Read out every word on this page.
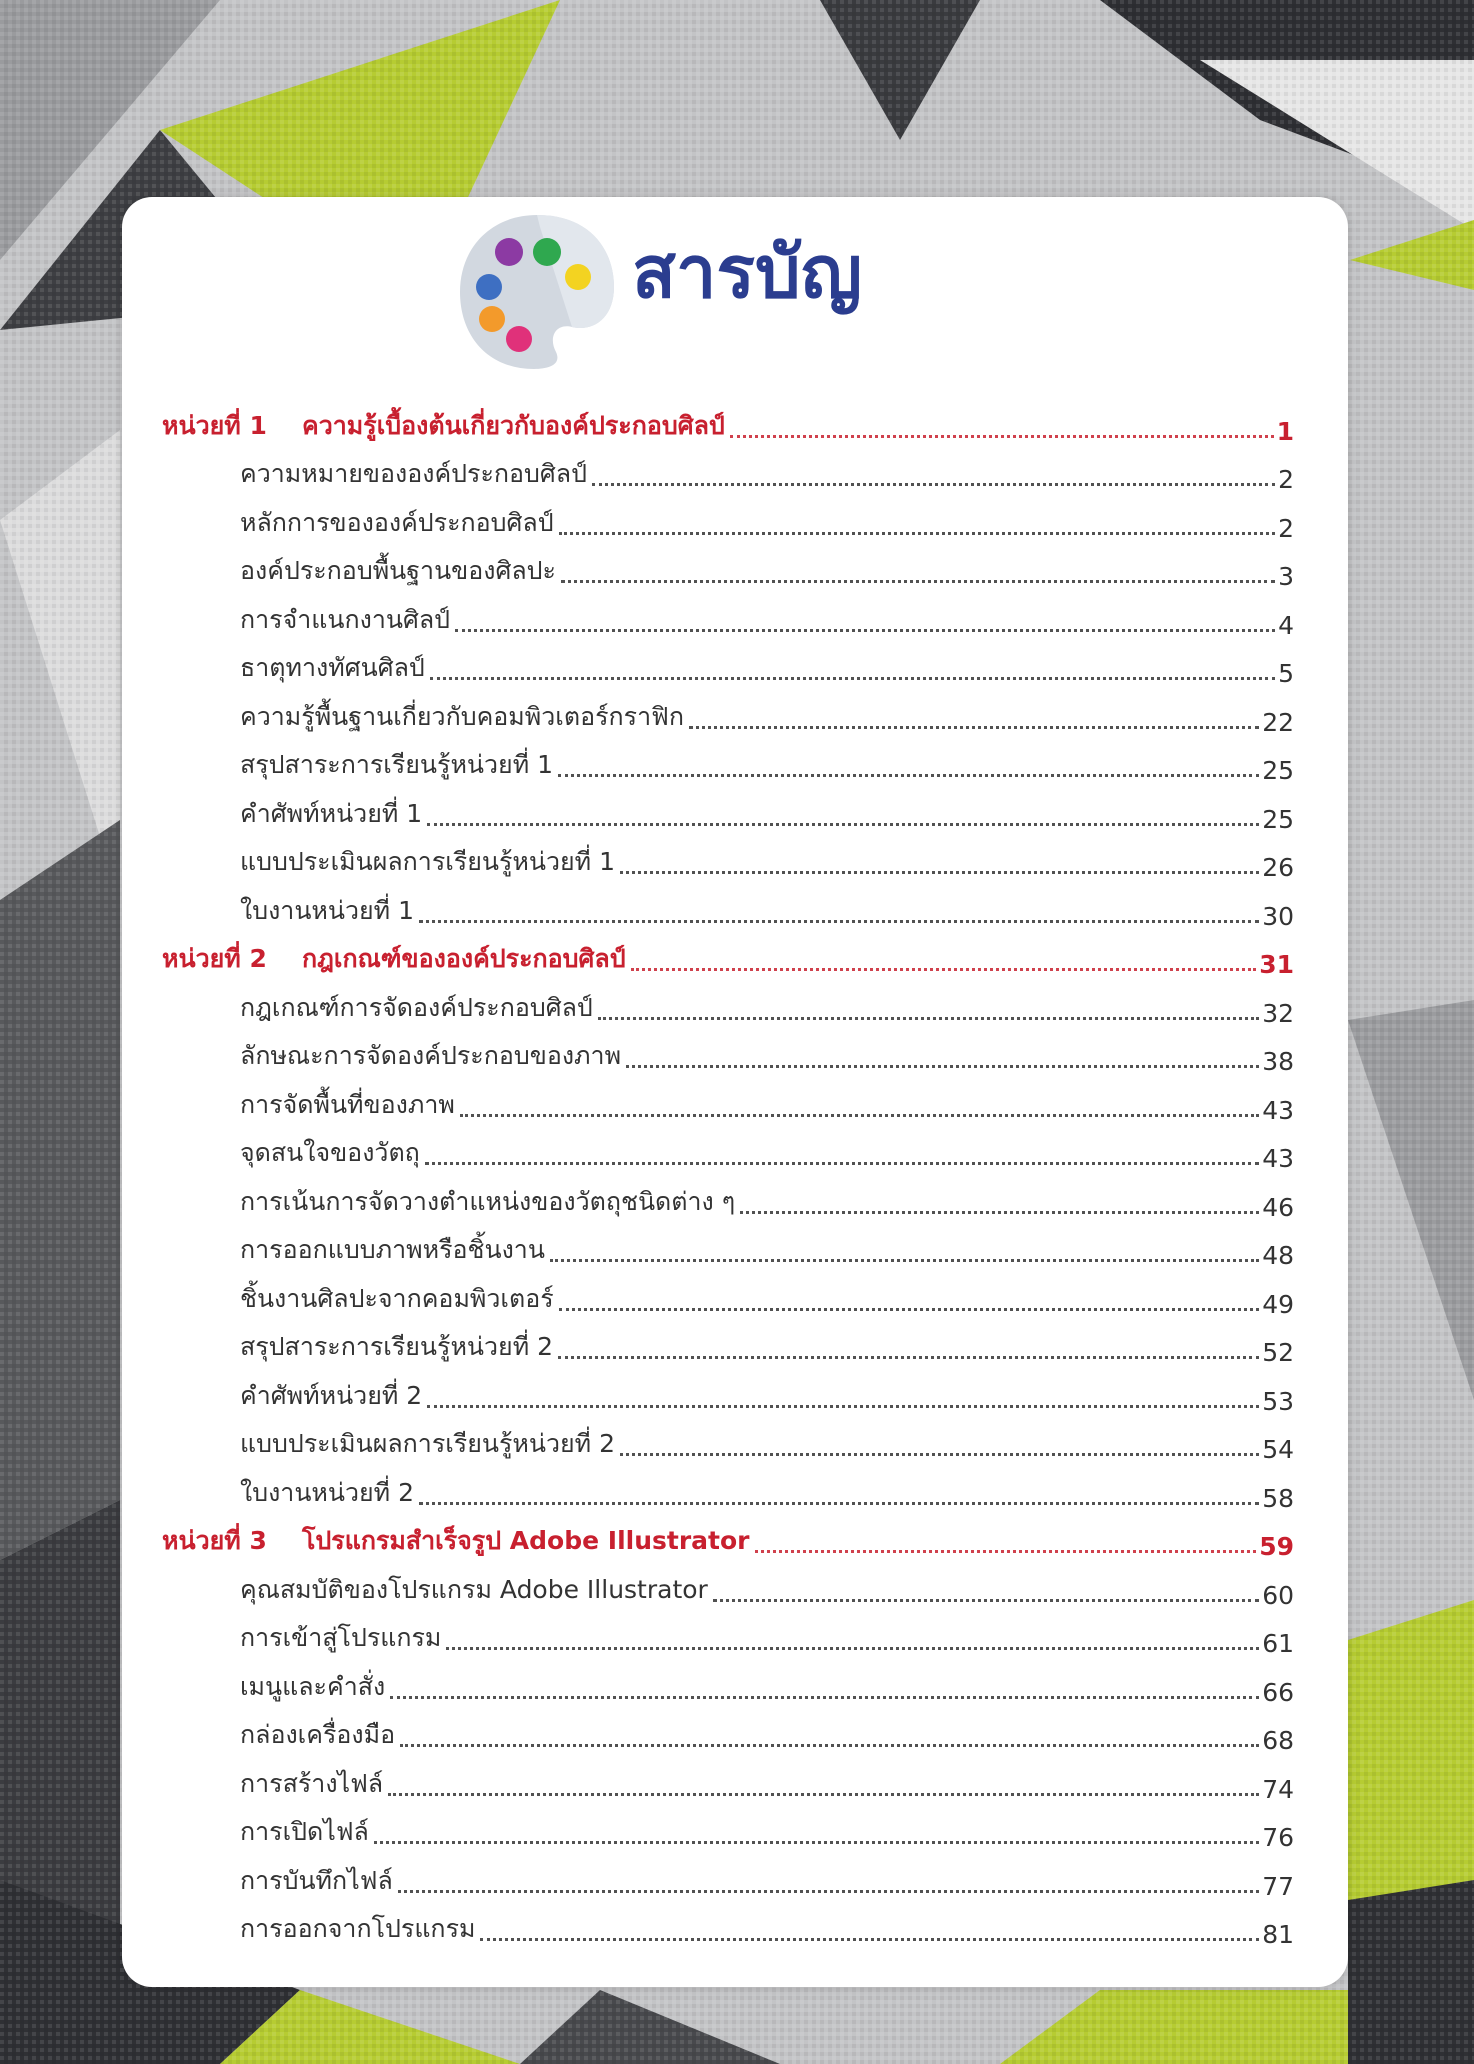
สารบัญ
หน่วยที่ 1 ความรู้เบื้องต้นเกี่ยวกับองค์ประกอบศิลป์	1
ความหมายขององค์ประกอบศิลป์	2
หลักการขององค์ประกอบศิลป์	2
องค์ประกอบพื้นฐานของศิลปะ	3
การจำแนกงานศิลป์	4
ธาตุทางทัศนศิลป์	5
ความรู้พื้นฐานเกี่ยวกับคอมพิวเตอร์กราฟิก	22
สรุปสาระการเรียนรู้หน่วยที่ 1	25
คำศัพท์หน่วยที่ 1	25
แบบประเมินผลการเรียนรู้หน่วยที่ 1	26
ใบงานหน่วยที่ 1	30
หน่วยที่ 2 กฎเกณฑ์ขององค์ประกอบศิลป์	31
กฎเกณฑ์การจัดองค์ประกอบศิลป์	32
ลักษณะการจัดองค์ประกอบของภาพ	38
การจัดพื้นที่ของภาพ	43
จุดสนใจของวัตถุ	43
การเน้นการจัดวางตำแหน่งของวัตถุชนิดต่าง ๆ	46
การออกแบบภาพหรือชิ้นงาน	48
ชิ้นงานศิลปะจากคอมพิวเตอร์	49
สรุปสาระการเรียนรู้หน่วยที่ 2	52
คำศัพท์หน่วยที่ 2	53
แบบประเมินผลการเรียนรู้หน่วยที่ 2	54
ใบงานหน่วยที่ 2	58
หน่วยที่ 3 โปรแกรมสำเร็จรูป Adobe Illustrator	59
คุณสมบัติของโปรแกรม Adobe Illustrator	60
การเข้าสู่โปรแกรม	61
เมนูและคำสั่ง	66
กล่องเครื่องมือ	68
การสร้างไฟล์	74
การเปิดไฟล์	76
การบันทึกไฟล์	77
การออกจากโปรแกรม	81
